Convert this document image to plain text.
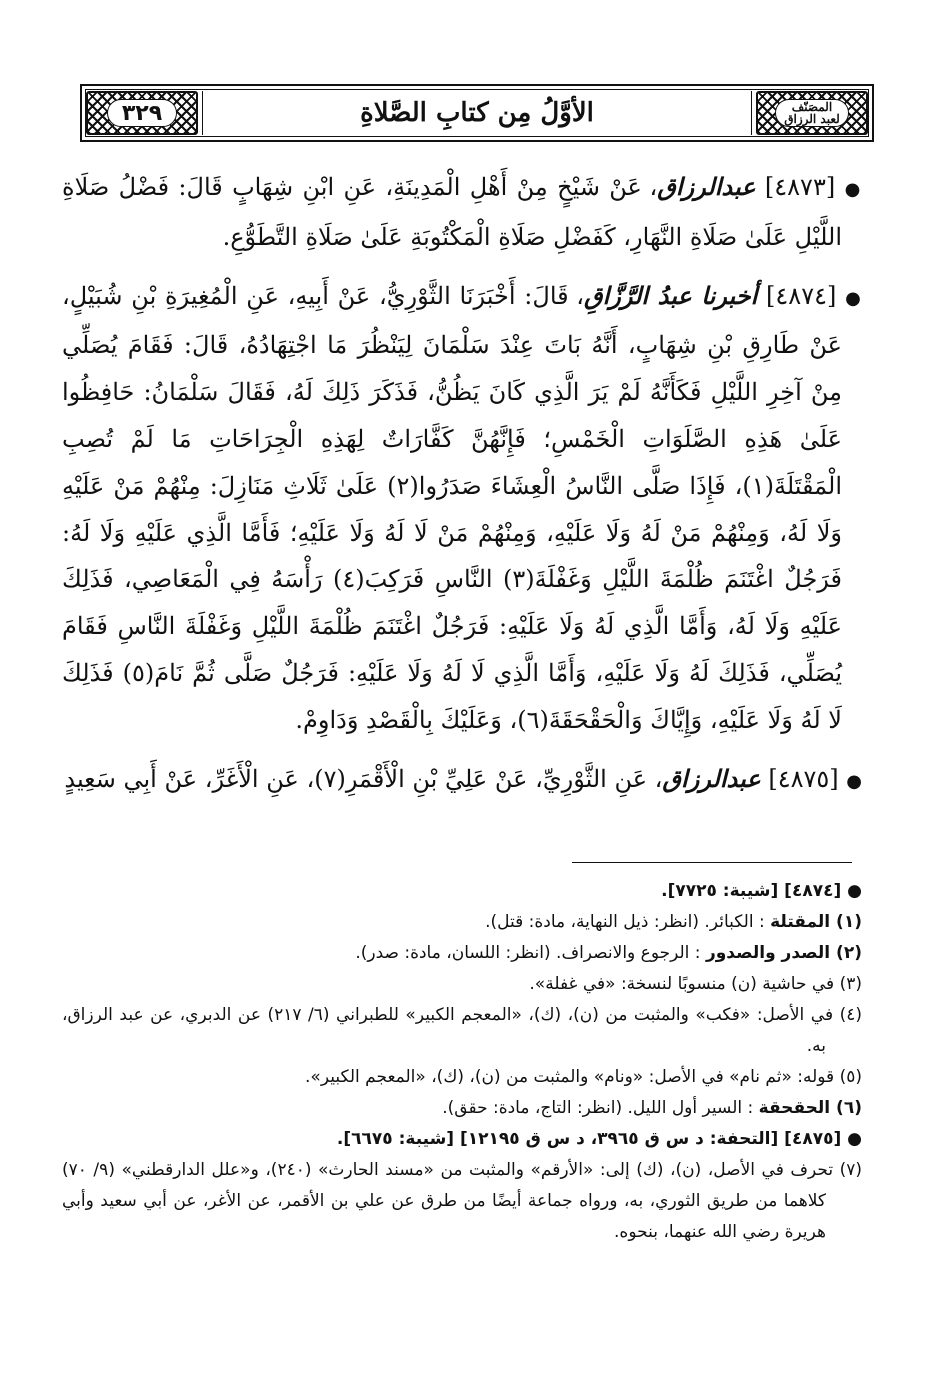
٣٢٩	الأوَّلُ مِن كتابِ الصَّلاةِ	المصَنّف
لعبد الرزاق

● [٤٨٧٣] عبدالرزاق، عَنْ شَيْخٍ مِنْ أَهْلِ الْمَدِينَةِ، عَنِ ابْنِ شِهَابٍ قَالَ: فَضْلُ صَلَاةِ اللَّيْلِ عَلَىٰ صَلَاةِ النَّهَارِ، كَفَضْلِ صَلَاةِ الْمَكْتُوبَةِ عَلَىٰ صَلَاةِ التَّطَوُّعِ.

● [٤٨٧٤] أخبرنا عبدُ الرَّزَّاقِ، قَالَ: أَخْبَرَنَا الثَّوْرِيُّ، عَنْ أَبِيهِ، عَنِ الْمُغِيرَةِ بْنِ شُبَيْلٍ، عَنْ طَارِقِ بْنِ شِهَابٍ، أَنَّهُ بَاتَ عِنْدَ سَلْمَانَ لِيَنْظُرَ مَا اجْتِهَادُهُ، قَالَ: فَقَامَ يُصَلِّي مِنْ آخِرِ اللَّيْلِ فَكَأَنَّهُ لَمْ يَرَ الَّذِي كَانَ يَظُنُّ، فَذَكَرَ ذَلِكَ لَهُ، فَقَالَ سَلْمَانُ: حَافِظُوا عَلَىٰ هَذِهِ الصَّلَوَاتِ الْخَمْسِ؛ فَإِنَّهُنَّ كَفَّارَاتٌ لِهَذِهِ الْجِرَاحَاتِ مَا لَمْ تُصِبِ الْمَقْتَلَةَ(١)، فَإِذَا صَلَّى النَّاسُ الْعِشَاءَ صَدَرُوا(٢) عَلَىٰ ثَلَاثِ مَنَازِلَ: مِنْهُمْ مَنْ عَلَيْهِ وَلَا لَهُ، وَمِنْهُمْ مَنْ لَهُ وَلَا عَلَيْهِ، وَمِنْهُمْ مَنْ لَا لَهُ وَلَا عَلَيْهِ؛ فَأَمَّا الَّذِي عَلَيْهِ وَلَا لَهُ: فَرَجُلٌ اغْتَنَمَ ظُلْمَةَ اللَّيْلِ وَغَفْلَةَ(٣) النَّاسِ فَرَكِبَ(٤) رَأْسَهُ فِي الْمَعَاصِي، فَذَلِكَ عَلَيْهِ وَلَا لَهُ، وَأَمَّا الَّذِي لَهُ وَلَا عَلَيْهِ: فَرَجُلٌ اغْتَنَمَ ظُلْمَةَ اللَّيْلِ وَغَفْلَةَ النَّاسِ فَقَامَ يُصَلِّي، فَذَلِكَ لَهُ وَلَا عَلَيْهِ، وَأَمَّا الَّذِي لَا لَهُ وَلَا عَلَيْهِ: فَرَجُلٌ صَلَّى ثُمَّ نَامَ(٥) فَذَلِكَ لَا لَهُ وَلَا عَلَيْهِ، وَإِيَّاكَ وَالْحَقْحَقَةَ(٦)، وَعَلَيْكَ بِالْقَصْدِ وَدَاوِمْ.

● [٤٨٧٥] عبدالرزاق، عَنِ الثَّوْرِيِّ، عَنْ عَلِيِّ بْنِ الْأَقْمَرِ(٧)، عَنِ الْأَغَرِّ، عَنْ أَبِي سَعِيدٍ

● [٤٨٧٤] [شيبة: ٧٧٢٥].

(١) المقتلة : الكبائر. (انظر: ذيل النهاية، مادة: قتل).

(٢) الصدر والصدور : الرجوع والانصراف. (انظر: اللسان، مادة: صدر).

(٣) في حاشية (ن) منسوبًا لنسخة: «في غفلة».

(٤) في الأصل: «فكب» والمثبت من (ن)، (ك)، «المعجم الكبير» للطبراني (٦/ ٢١٧) عن الدبري، عن عبد الرزاق، به.

(٥) قوله: «ثم نام» في الأصل: «ونام» والمثبت من (ن)، (ك)، «المعجم الكبير».

(٦) الحقحقة : السير أول الليل. (انظر: التاج، مادة: حقق).

● [٤٨٧٥] [التحفة: د س ق ٣٩٦٥، د س ق ١٢١٩٥] [شيبة: ٦٦٧٥].

(٧) تحرف في الأصل، (ن)، (ك) إلى: «الأرقم» والمثبت من «مسند الحارث» (٢٤٠)، و«علل الدارقطني» (٩/ ٧٠) كلاهما من طريق الثوري، به، ورواه جماعة أيضًا من طرق عن علي بن الأقمر، عن الأغر، عن أبي سعيد وأبي هريرة رضي الله عنهما، بنحوه.
